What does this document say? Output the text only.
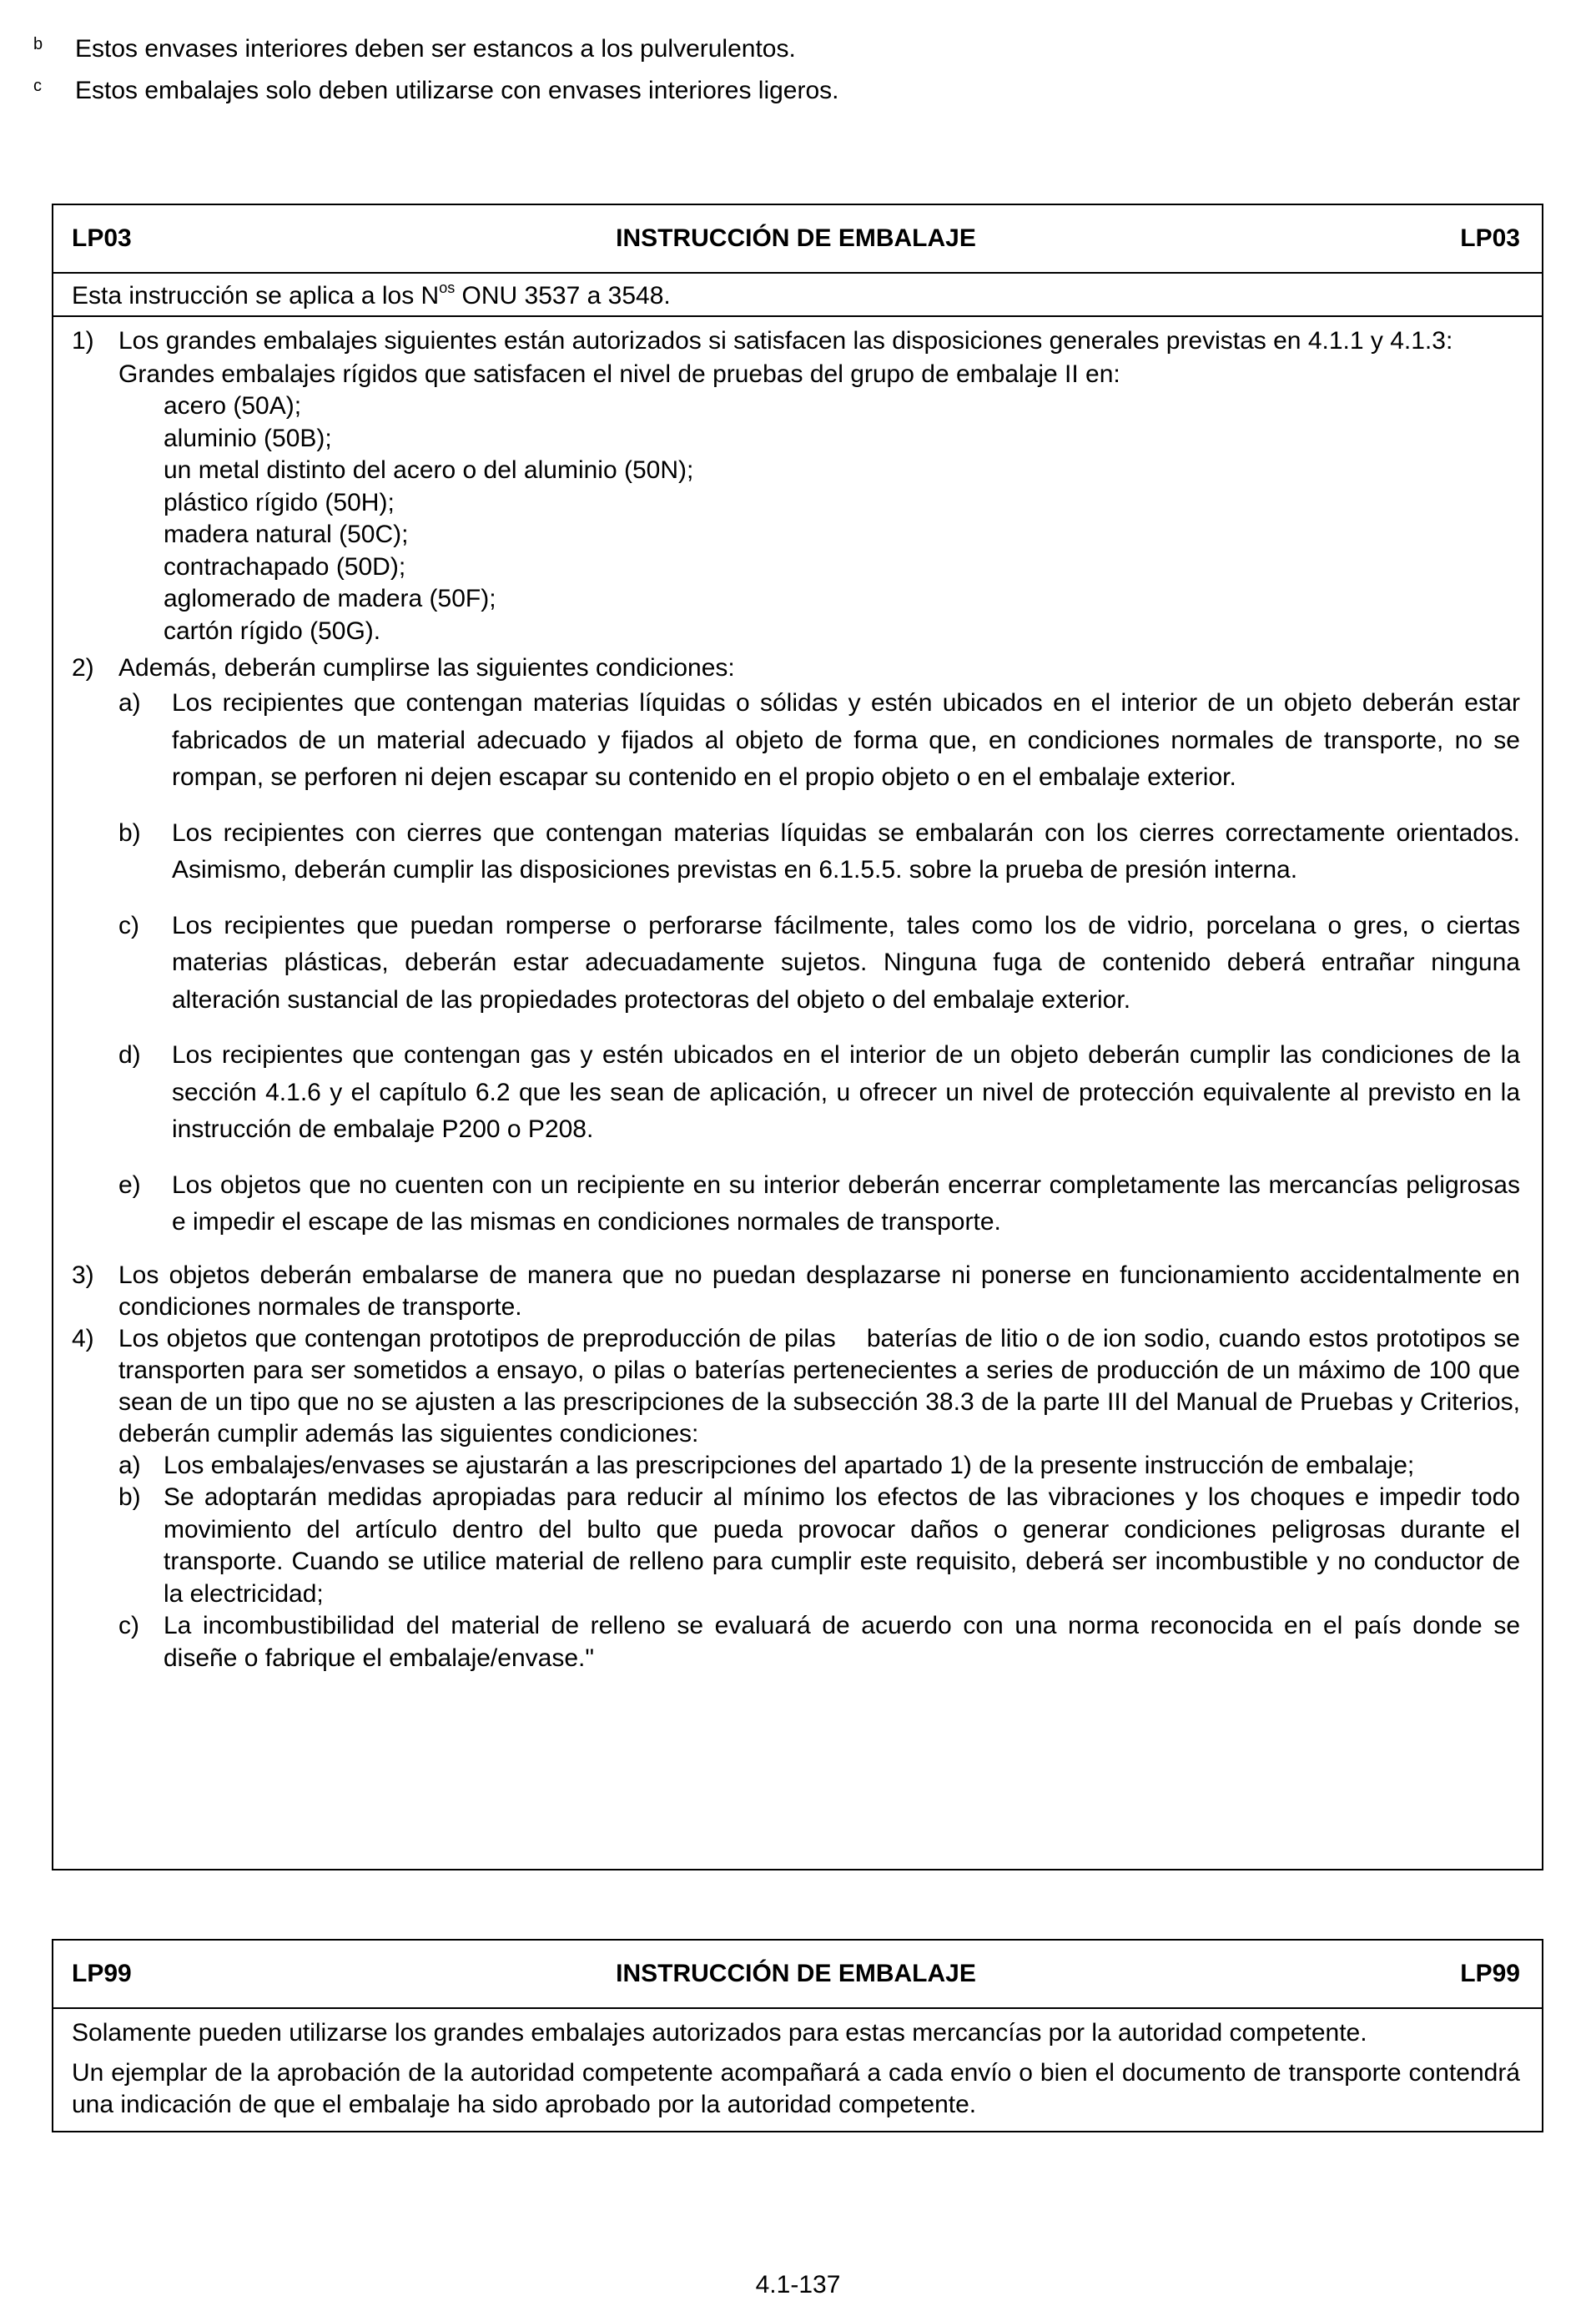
b Estos envases interiores deben ser estancos a los pulverulentos.
c Estos embalajes solo deben utilizarse con envases interiores ligeros.
LP03	INSTRUCCIÓN DE EMBALAJE	LP03
Esta instrucción se aplica a los $N^{os}$ ONU 3537 a 3548.
1) Los grandes embalajes siguientes están autorizados si satisfacen las disposiciones generales previstas en 4.1.1 y 4.1.3:
Grandes embalajes rígidos que satisfacen el nivel de pruebas del grupo de embalaje II en:
acero (50A);
aluminio (50B);
un metal distinto del acero o del aluminio (50N);
plástico rígido (50H);
madera natural (50C);
contrachapado (50D);
aglomerado de madera (50F);
cartón rígido (50G).
2) Además, deberán cumplirse las siguientes condiciones:
a) Los recipientes que contengan materias líquidas o sólidas y estén ubicados en el interior de un objeto deberán estar fabricados de un material adecuado y fijados al objeto de forma que, en condiciones normales de transporte, no se rompan, se perforen ni dejen escapar su contenido en el propio objeto o en el embalaje exterior.
b) Los recipientes con cierres que contengan materias líquidas se embalarán con los cierres correctamente orientados. Asimismo, deberán cumplir las disposiciones previstas en 6.1.5.5. sobre la prueba de presión interna.
c) Los recipientes que puedan romperse o perforarse fácilmente, tales como los de vidrio, porcelana o gres, o ciertas materias plásticas, deberán estar adecuadamente sujetos. Ninguna fuga de contenido deberá entrañar ninguna alteración sustancial de las propiedades protectoras del objeto o del embalaje exterior.
d) Los recipientes que contengan gas y estén ubicados en el interior de un objeto deberán cumplir las condiciones de la sección 4.1.6 y el capítulo 6.2 que les sean de aplicación, u ofrecer un nivel de protección equivalente al previsto en la instrucción de embalaje P200 o P208.
e) Los objetos que no cuenten con un recipiente en su interior deberán encerrar completamente las mercancías peligrosas e impedir el escape de las mismas en condiciones normales de transporte.
3) Los objetos deberán embalarse de manera que no puedan desplazarse ni ponerse en funcionamiento accidentalmente en condiciones normales de transporte.
4) Los objetos que contengan prototipos de preproducción de pilas    baterías de litio o de ion sodio, cuando estos prototipos se transporten para ser sometidos a ensayo, o pilas o baterías pertenecientes a series de producción de un máximo de 100 que sean de un tipo que no se ajusten a las prescripciones de la subsección 38.3 de la parte III del Manual de Pruebas y Criterios, deberán cumplir además las siguientes condiciones:
a) Los embalajes/envases se ajustarán a las prescripciones del apartado 1) de la presente instrucción de embalaje;
b) Se adoptarán medidas apropiadas para reducir al mínimo los efectos de las vibraciones y los choques e impedir todo movimiento del artículo dentro del bulto que pueda provocar daños o generar condiciones peligrosas durante el transporte. Cuando se utilice material de relleno para cumplir este requisito, deberá ser incombustible y no conductor de la electricidad;
c) La incombustibilidad del material de relleno se evaluará de acuerdo con una norma reconocida en el país donde se diseñe o fabrique el embalaje/envase."
LP99	INSTRUCCIÓN DE EMBALAJE	LP99
Solamente pueden utilizarse los grandes embalajes autorizados para estas mercancías por la autoridad competente.
Un ejemplar de la aprobación de la autoridad competente acompañará a cada envío o bien el documento de transporte contendrá una indicación de que el embalaje ha sido aprobado por la autoridad competente.
4.1-137
